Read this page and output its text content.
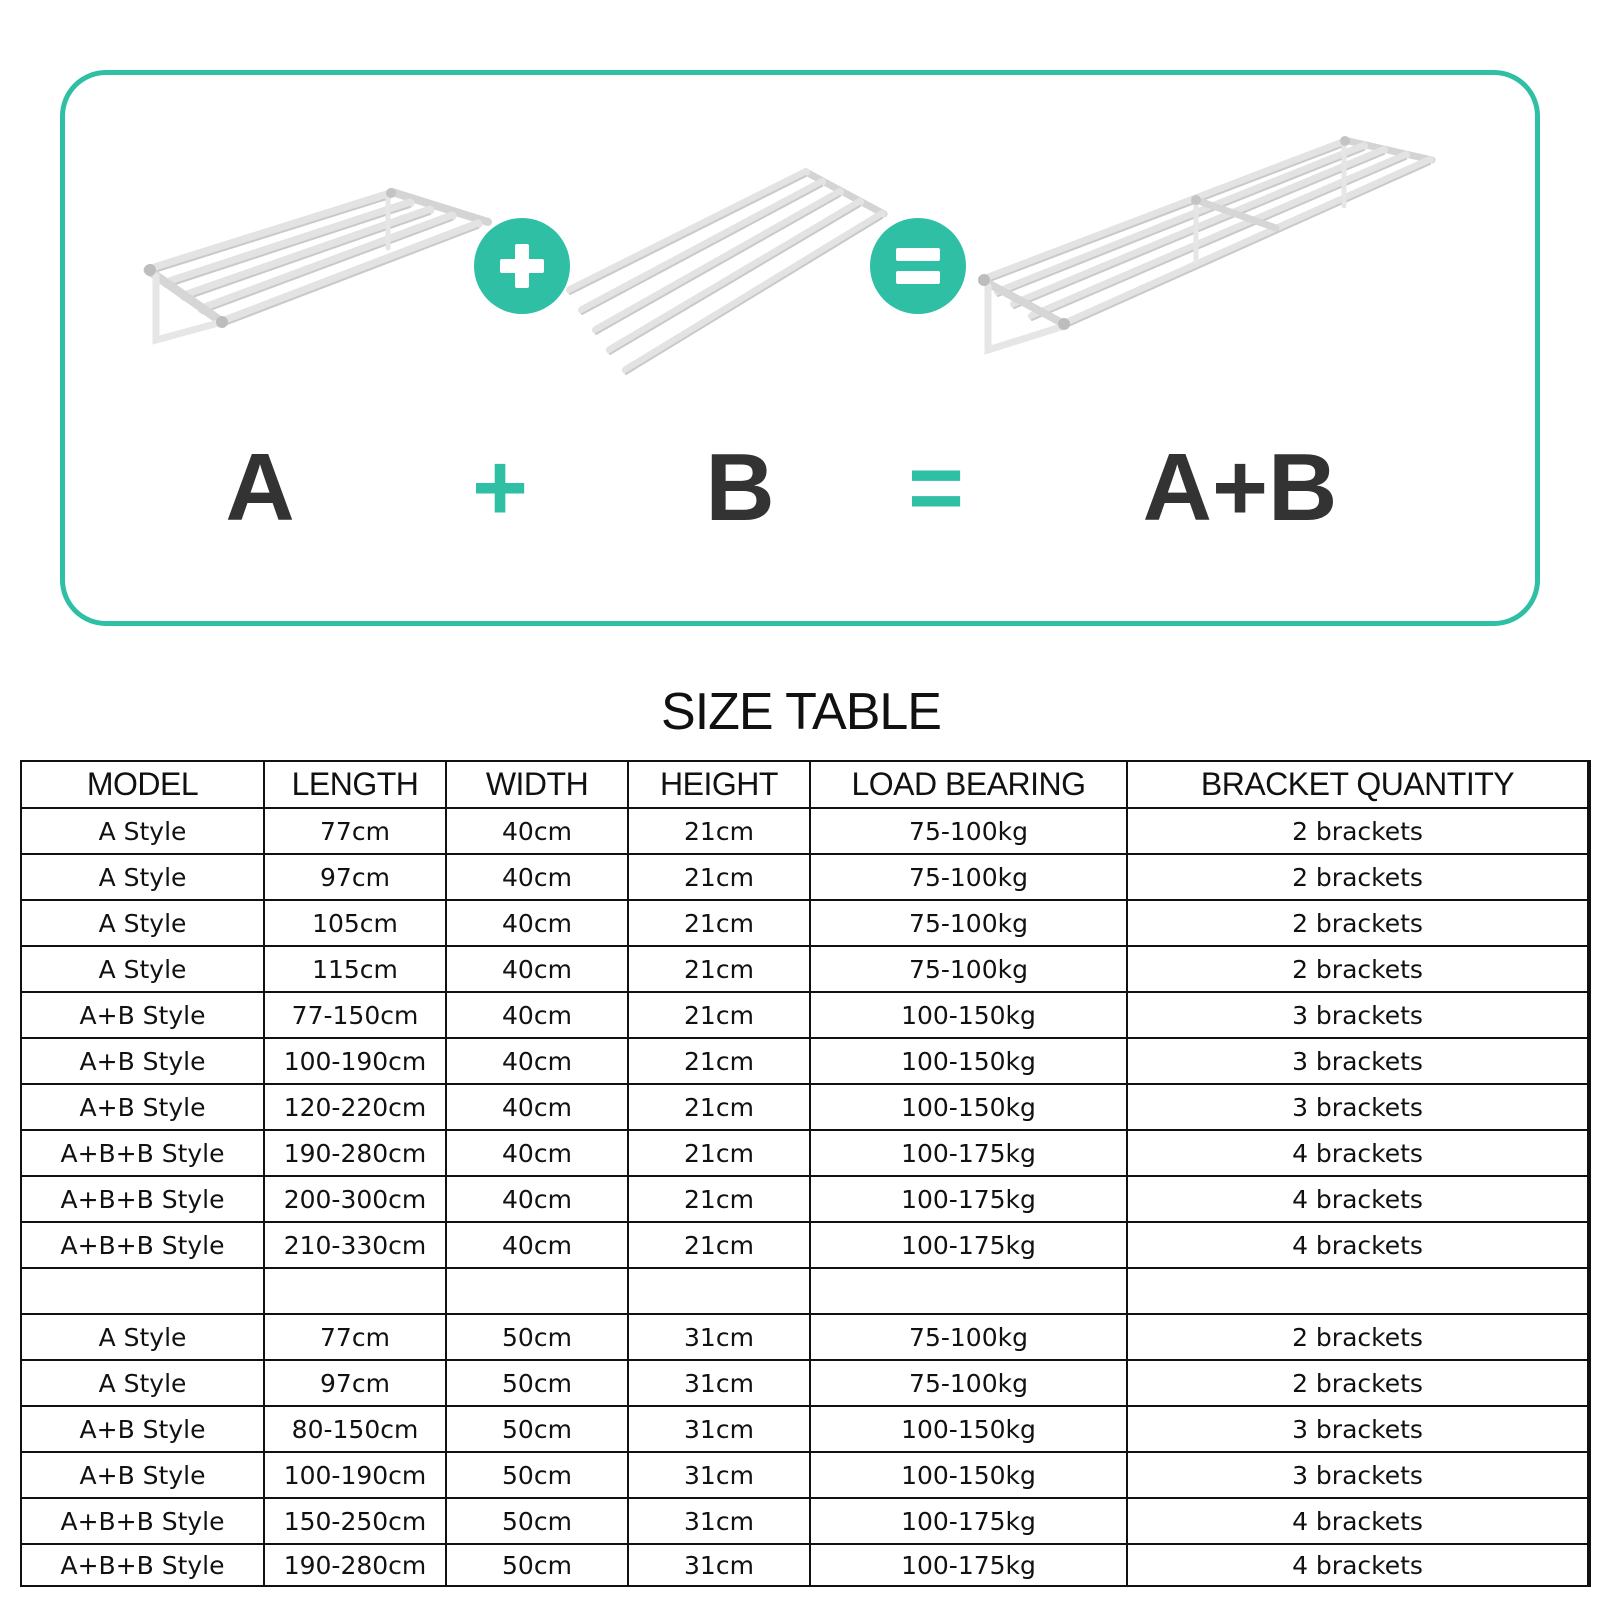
A + B = A+B
SIZE TABLE
MODEL	LENGTH	WIDTH	HEIGHT	LOAD BEARING	BRACKET QUANTITY
A Style	77cm	40cm	21cm	75-100kg	2 brackets
A Style	97cm	40cm	21cm	75-100kg	2 brackets
A Style	105cm	40cm	21cm	75-100kg	2 brackets
A Style	115cm	40cm	21cm	75-100kg	2 brackets
A+B Style	77-150cm	40cm	21cm	100-150kg	3 brackets
A+B Style	100-190cm	40cm	21cm	100-150kg	3 brackets
A+B Style	120-220cm	40cm	21cm	100-150kg	3 brackets
A+B+B Style	190-280cm	40cm	21cm	100-175kg	4 brackets
A+B+B Style	200-300cm	40cm	21cm	100-175kg	4 brackets
A+B+B Style	210-330cm	40cm	21cm	100-175kg	4 brackets

A Style	77cm	50cm	31cm	75-100kg	2 brackets
A Style	97cm	50cm	31cm	75-100kg	2 brackets
A+B Style	80-150cm	50cm	31cm	100-150kg	3 brackets
A+B Style	100-190cm	50cm	31cm	100-150kg	3 brackets
A+B+B Style	150-250cm	50cm	31cm	100-175kg	4 brackets
A+B+B Style	190-280cm	50cm	31cm	100-175kg	4 brackets
